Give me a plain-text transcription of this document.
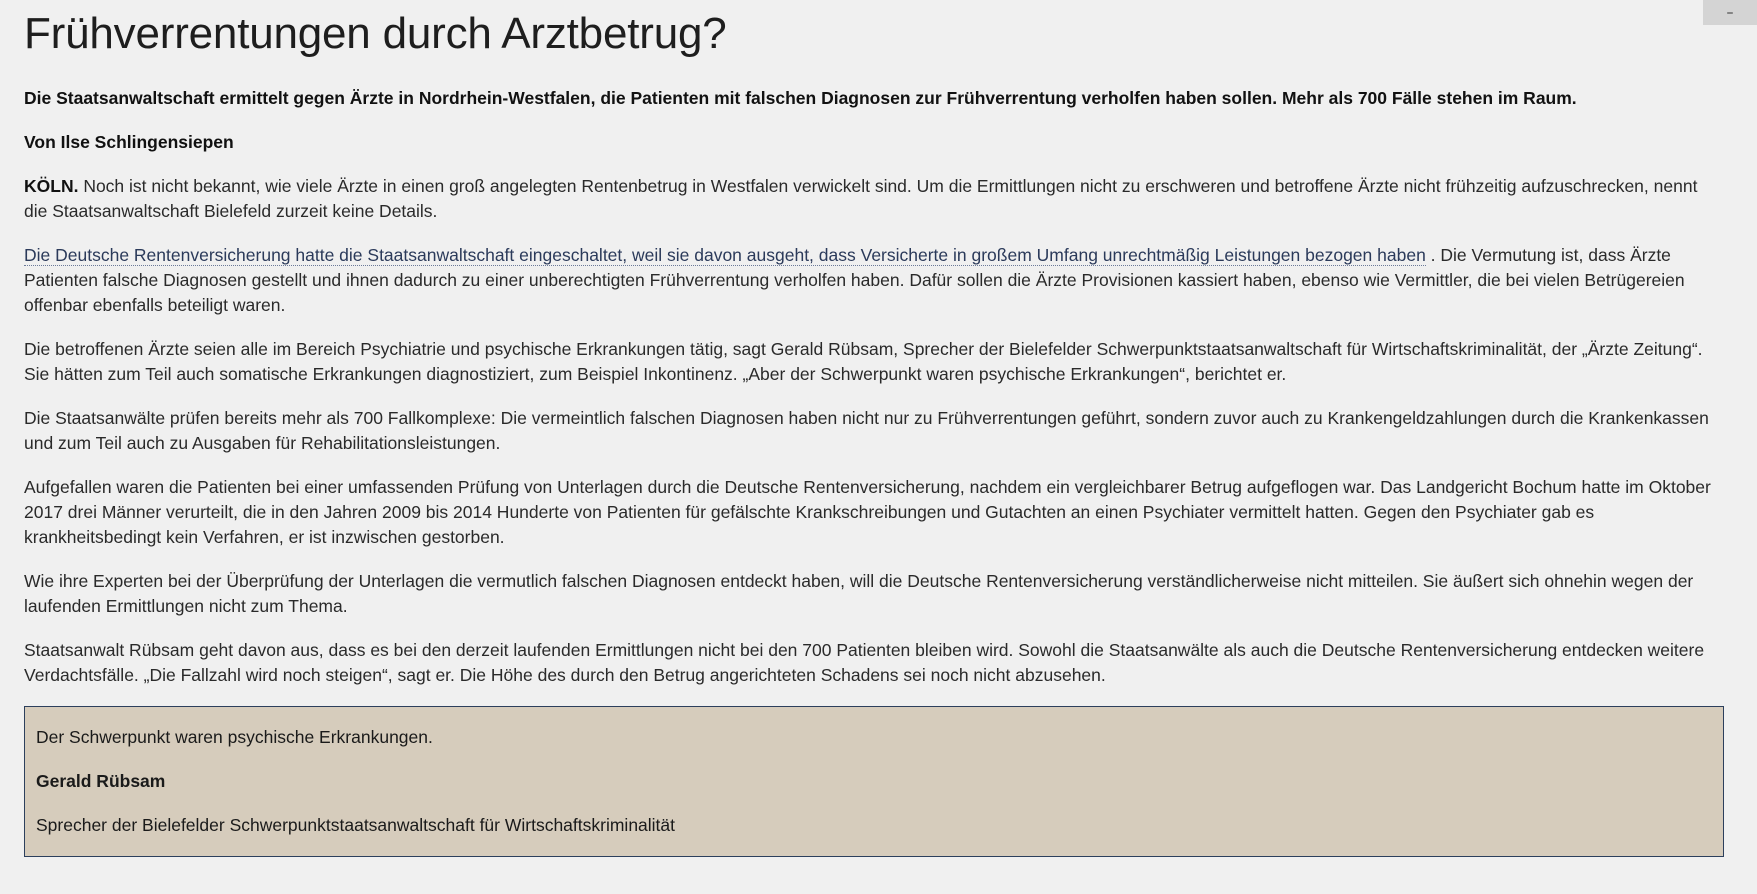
–
Frühverrentungen durch Arztbetrug?

Die Staatsanwaltschaft ermittelt gegen Ärzte in Nordrhein-Westfalen, die Patienten mit falschen Diagnosen zur Frühverrentung verholfen haben sollen. Mehr als 700 Fälle stehen im Raum.

Von Ilse Schlingensiepen

KÖLN. Noch ist nicht bekannt, wie viele Ärzte in einen groß angelegten Rentenbetrug in Westfalen verwickelt sind. Um die Ermittlungen nicht zu erschweren und betroffene Ärzte nicht frühzeitig aufzuschrecken, nennt die Staatsanwaltschaft Bielefeld zurzeit keine Details.

Die Deutsche Rentenversicherung hatte die Staatsanwaltschaft eingeschaltet, weil sie davon ausgeht, dass Versicherte in großem Umfang unrechtmäßig Leistungen bezogen haben . Die Vermutung ist, dass Ärzte Patienten falsche Diagnosen gestellt und ihnen dadurch zu einer unberechtigten Frühverrentung verholfen haben. Dafür sollen die Ärzte Provisionen kassiert haben, ebenso wie Vermittler, die bei vielen Betrügereien offenbar ebenfalls beteiligt waren.

Die betroffenen Ärzte seien alle im Bereich Psychiatrie und psychische Erkrankungen tätig, sagt Gerald Rübsam, Sprecher der Bielefelder Schwerpunktstaatsanwaltschaft für Wirtschaftskriminalität, der „Ärzte Zeitung“. Sie hätten zum Teil auch somatische Erkrankungen diagnostiziert, zum Beispiel Inkontinenz. „Aber der Schwerpunkt waren psychische Erkrankungen“, berichtet er.

Die Staatsanwälte prüfen bereits mehr als 700 Fallkomplexe: Die vermeintlich falschen Diagnosen haben nicht nur zu Frühverrentungen geführt, sondern zuvor auch zu Krankengeldzahlungen durch die Krankenkassen und zum Teil auch zu Ausgaben für Rehabilitationsleistungen.

Aufgefallen waren die Patienten bei einer umfassenden Prüfung von Unterlagen durch die Deutsche Rentenversicherung, nachdem ein vergleichbarer Betrug aufgeflogen war. Das Landgericht Bochum hatte im Oktober 2017 drei Männer verurteilt, die in den Jahren 2009 bis 2014 Hunderte von Patienten für gefälschte Krankschreibungen und Gutachten an einen Psychiater vermittelt hatten. Gegen den Psychiater gab es krankheitsbedingt kein Verfahren, er ist inzwischen gestorben.

Wie ihre Experten bei der Überprüfung der Unterlagen die vermutlich falschen Diagnosen entdeckt haben, will die Deutsche Rentenversicherung verständlicherweise nicht mitteilen. Sie äußert sich ohnehin wegen der laufenden Ermittlungen nicht zum Thema.

Staatsanwalt Rübsam geht davon aus, dass es bei den derzeit laufenden Ermittlungen nicht bei den 700 Patienten bleiben wird. Sowohl die Staatsanwälte als auch die Deutsche Rentenversicherung entdecken weitere Verdachtsfälle. „Die Fallzahl wird noch steigen“, sagt er. Die Höhe des durch den Betrug angerichteten Schadens sei noch nicht abzusehen.

Der Schwerpunkt waren psychische Erkrankungen.

Gerald Rübsam

Sprecher der Bielefelder Schwerpunktstaatsanwaltschaft für Wirtschaftskriminalität
